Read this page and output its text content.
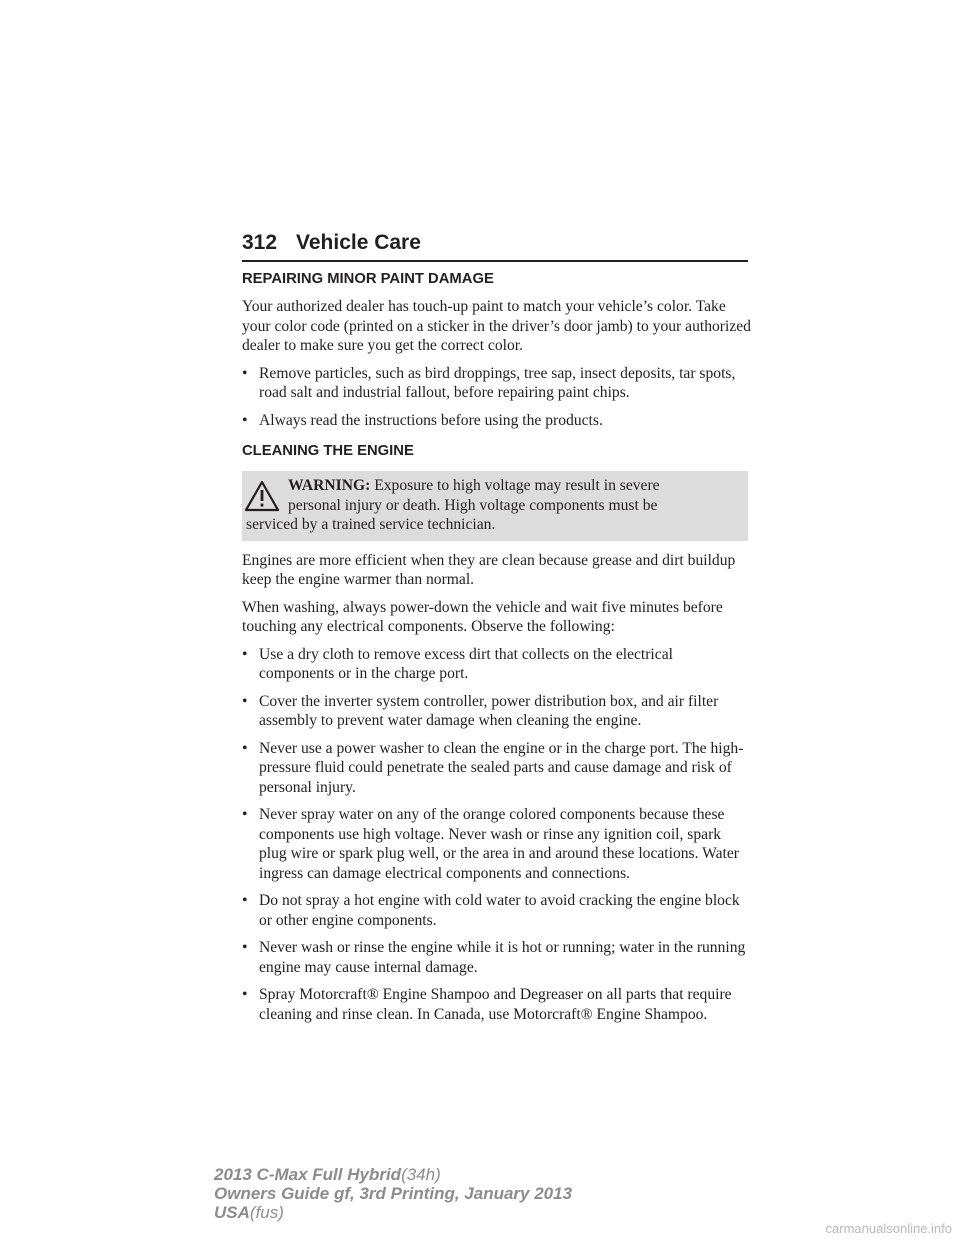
312 Vehicle Care
REPAIRING MINOR PAINT DAMAGE

Your authorized dealer has touch-up paint to match your vehicle’s color. Take your color code (printed on a sticker in the driver’s door jamb) to your authorized dealer to make sure you get the correct color.

• Remove particles, such as bird droppings, tree sap, insect deposits, tar spots, road salt and industrial fallout, before repairing paint chips.
• Always read the instructions before using the products.
CLEANING THE ENGINE
WARNING: Exposure to high voltage may result in severe
personal injury or death. High voltage components must be
serviced by a trained service technician.

Engines are more efficient when they are clean because grease and dirt buildup keep the engine warmer than normal.

When washing, always power-down the vehicle and wait five minutes before touching any electrical components. Observe the following:

• Use a dry cloth to remove excess dirt that collects on the electrical components or in the charge port.
• Cover the inverter system controller, power distribution box, and air filter assembly to prevent water damage when cleaning the engine.
• Never use a power washer to clean the engine or in the charge port. The high-pressure fluid could penetrate the sealed parts and cause damage and risk of personal injury.
• Never spray water on any of the orange colored components because these components use high voltage. Never wash or rinse any ignition coil, spark plug wire or spark plug well, or the area in and around these locations. Water ingress can damage electrical components and connections.
• Do not spray a hot engine with cold water to avoid cracking the engine block or other engine components.
• Never wash or rinse the engine while it is hot or running; water in the running engine may cause internal damage.
• Spray Motorcraft® Engine Shampoo and Degreaser on all parts that require cleaning and rinse clean. In Canada, use Motorcraft® Engine Shampoo.
2013 C-Max Full Hybrid(34h)
Owners Guide gf, 3rd Printing, January 2013
USA(fus)
carmanualsonline.info
